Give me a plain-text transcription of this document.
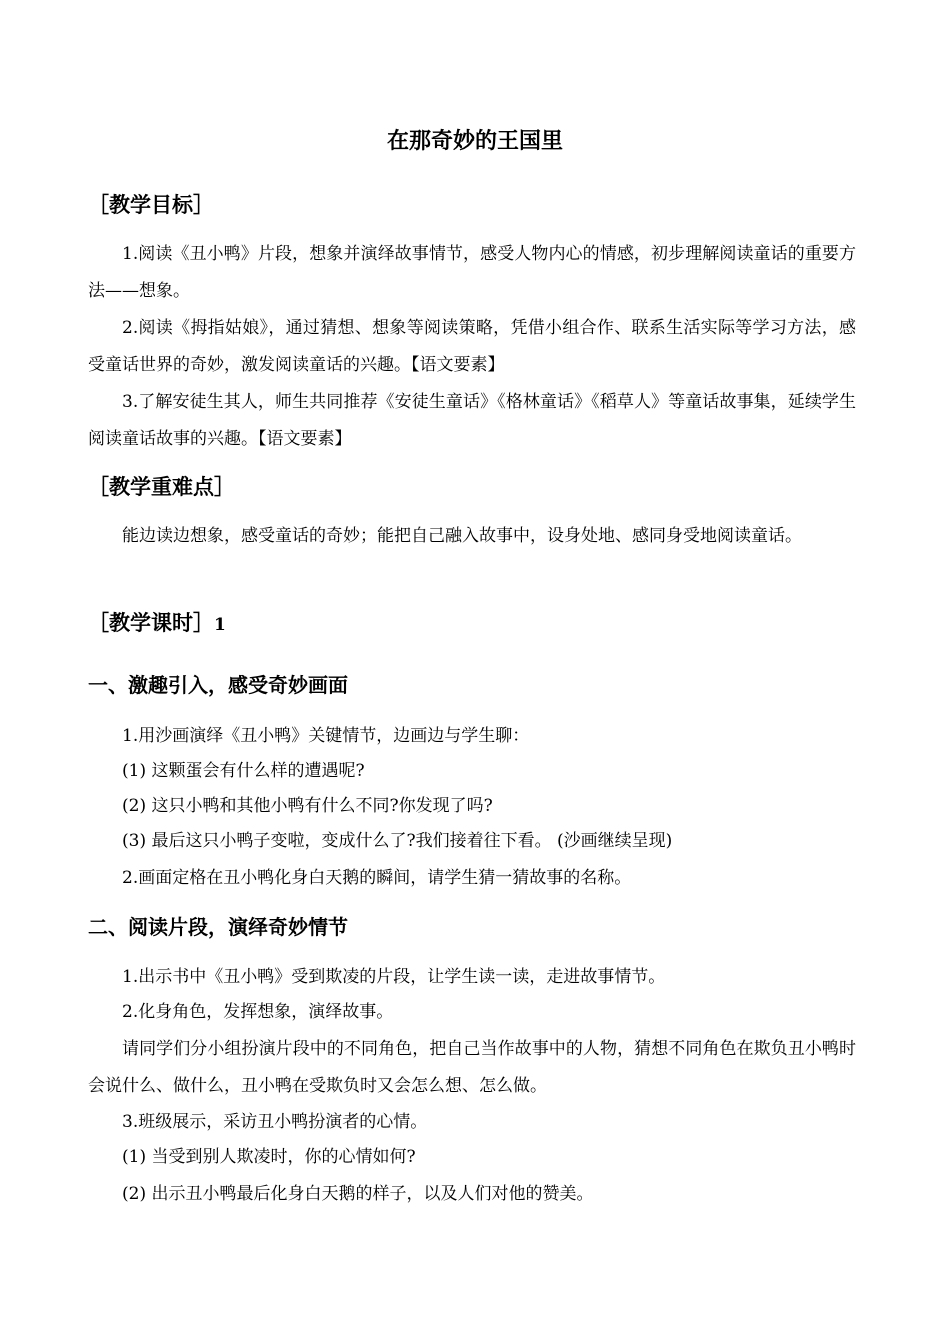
在那奇妙的王国里
［教学目标］

1.阅读《丑小鸭》片段，想象并演绎故事情节，感受人物内心的情感，初步理解阅读童话的重要方法——想象。

2.阅读《拇指姑娘》，通过猜想、想象等阅读策略，凭借小组合作、联系生活实际等学习方法，感受童话世界的奇妙，激发阅读童话的兴趣。【语文要素】

3.了解安徒生其人，师生共同推荐《安徒生童话》《格林童话》《稻草人》等童话故事集，延续学生阅读童话故事的兴趣。【语文要素】

［教学重难点］

能边读边想象，感受童话的奇妙；能把自己融入故事中，设身处地、感同身受地阅读童话。

［教学课时］1
一、激趣引入，感受奇妙画面

1.用沙画演绎《丑小鸭》关键情节，边画边与学生聊：

(1) 这颗蛋会有什么样的遭遇呢?

(2) 这只小鸭和其他小鸭有什么不同?你发现了吗?

(3) 最后这只小鸭子变啦，变成什么了?我们接着往下看。 (沙画继续呈现)

2.画面定格在丑小鸭化身白天鹅的瞬间，请学生猜一猜故事的名称。

二、阅读片段，演绎奇妙情节

1.出示书中《丑小鸭》受到欺凌的片段，让学生读一读，走进故事情节。

2.化身角色，发挥想象，演绎故事。

请同学们分小组扮演片段中的不同角色，把自己当作故事中的人物，猜想不同角色在欺负丑小鸭时会说什么、做什么，丑小鸭在受欺负时又会怎么想、怎么做。

3.班级展示，采访丑小鸭扮演者的心情。

(1) 当受到别人欺凌时，你的心情如何?

(2) 出示丑小鸭最后化身白天鹅的样子，以及人们对他的赞美。
